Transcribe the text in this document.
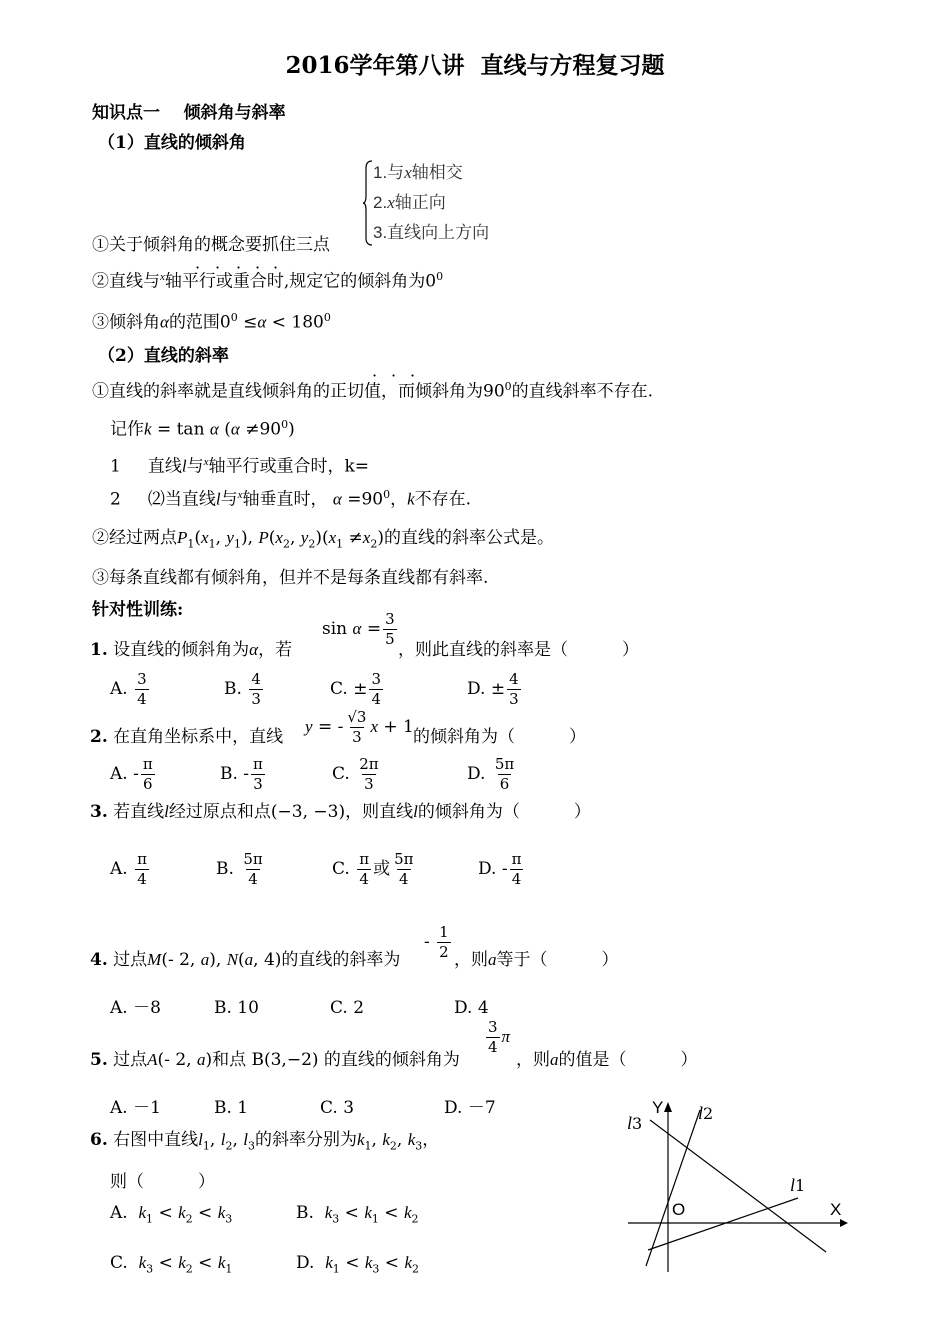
2016学年第八讲  直线与方程复习题
知识点一    倾斜角与斜率
（1）直线的倾斜角
1.与x轴相交
2.x轴正向
3.直线向上方向
①关于倾斜角的概念要抓住三点
②直线与$^x$轴平行或重合时,规定它的倾斜角为$0^0$
· · · · ·
③倾斜角α的范围$0^0 \le\alpha < 180^0$
（2）直线的斜率
①直线的斜率就是直线倾斜角的正切值，而倾斜角为$90^0$的直线斜率不存在.
· · ·
记作k = tan α $(\alpha \ne 90^0)$
1     直线l与$^x$轴平行或重合时，k=
2     ⑵当直线l与$^x$轴垂直时， $\alpha =90^0$，k不存在.
②经过两点$P_1(x_1$, $y_1$), $P(x_2$, $y_2)(x_1 \ne x_2)$的直线的斜率公式是。
③每条直线都有倾斜角，但并不是每条直线都有斜率.
针对性训练:
1. 设直线的倾斜角为α，若
$\sin \alpha = \frac{3}{5}$
，则此直线的斜率是（          ）
A. $\frac{3}{4}$	B. $\frac{4}{3}$	C. ± $\frac{3}{4}$	D. ± $\frac{4}{3}$
2. 在直角坐标系中，直线
y = - $\frac{√3}{3}$ x + 1 的倾斜角为（          ）
A. - $\frac{\pi}{6}$	B. - $\frac{\pi}{3}$	C. $\frac{2\pi}{3}$	D. $\frac{5\pi}{6}$
3. 若直线l经过原点和点(−3, −3)，则直线l的倾斜角为（          ）
A. $\frac{\pi}{4}$	B. $\frac{5\pi}{4}$	C. $\frac{\pi}{4}$ 或 $\frac{5\pi}{4}$	D. - $\frac{\pi}{4}$
4. 过点M(- 2, a), N(a, 4)的直线的斜率为
- $\frac{1}{2}$ ，则a等于（          ）
A. －8	B. 10	C. 2	D. 4
5. 过点A(- 2, a)和点 B(3,−2) 的直线的倾斜角为
$\frac{3}{4}$ π
，则a的值是（          ）
A. －1	B. 1	C. 3	D. －7
6. 右图中直线$l_1$, $l_2$, $l_3$的斜率分别为$k_1$, $k_2$, $k_3$，
则（          ）
A.  $k_1 < k_2 < k_3$	B.  $k_3 < k_1 < k_2$
C.  $k_3 < k_2 < k_1$	D.  $k_1 < k_3 < k_2$
Y
X
O
l1
l2
l3
